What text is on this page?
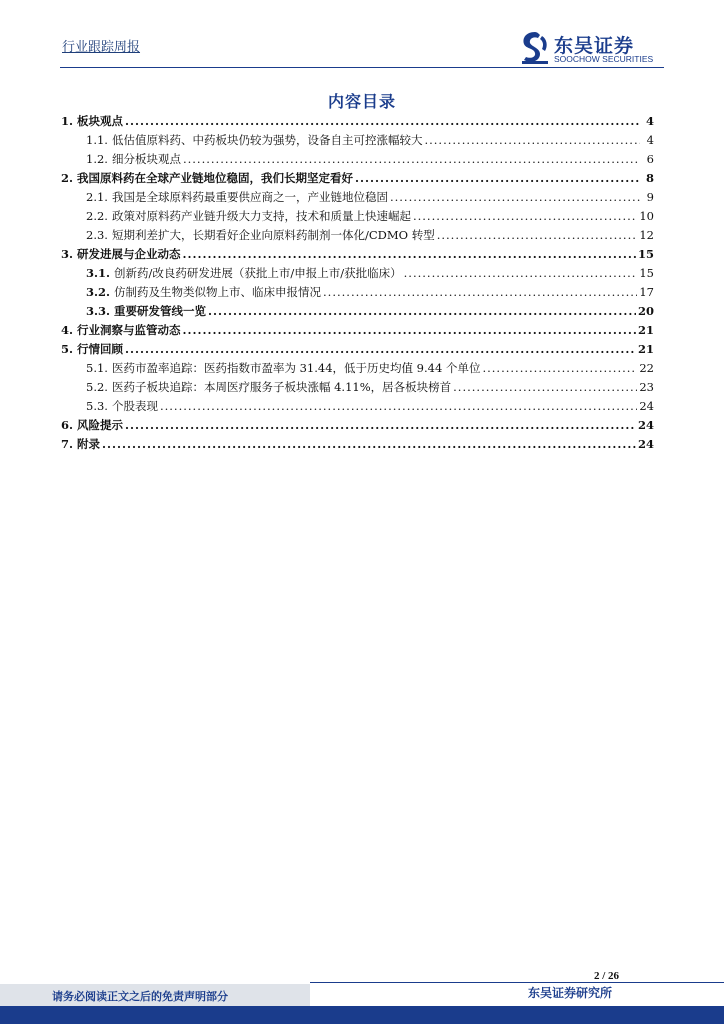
行业跟踪周报	东吴证券
SOOCHOW SECURITIES
内容目录
1. 板块观点 .....	4
1.1. 低估值原料药、中药板块仍较为强势，设备自主可控涨幅较大 .....	4
1.2. 细分板块观点 .....	6
2. 我国原料药在全球产业链地位稳固，我们长期坚定看好 .....	8
2.1. 我国是全球原料药最重要供应商之一，产业链地位稳固 .....	9
2.2. 政策对原料药产业链升级大力支持，技术和质量上快速崛起 .....	10
2.3. 短期利差扩大，长期看好企业向原料药制剂一体化/CDMO 转型 .....	12
3. 研发进展与企业动态 .....	15
3.1. 创新药/改良药研发进展（获批上市/申报上市/获批临床） .....	15
3.2. 仿制药及生物类似物上市、临床申报情况 .....	17
3.3. 重要研发管线一览 .....	20
4. 行业洞察与监管动态 .....	21
5. 行情回顾 .....	21
5.1. 医药市盈率追踪：医药指数市盈率为 31.44，低于历史均值 9.44 个单位 .....	22
5.2. 医药子板块追踪：本周医疗服务子板块涨幅 4.11%，居各板块榜首 .....	23
5.3. 个股表现 .....	24
6. 风险提示 .....	24
7. 附录 .....	24
2 / 26
请务必阅读正文之后的免责声明部分	东吴证券研究所
